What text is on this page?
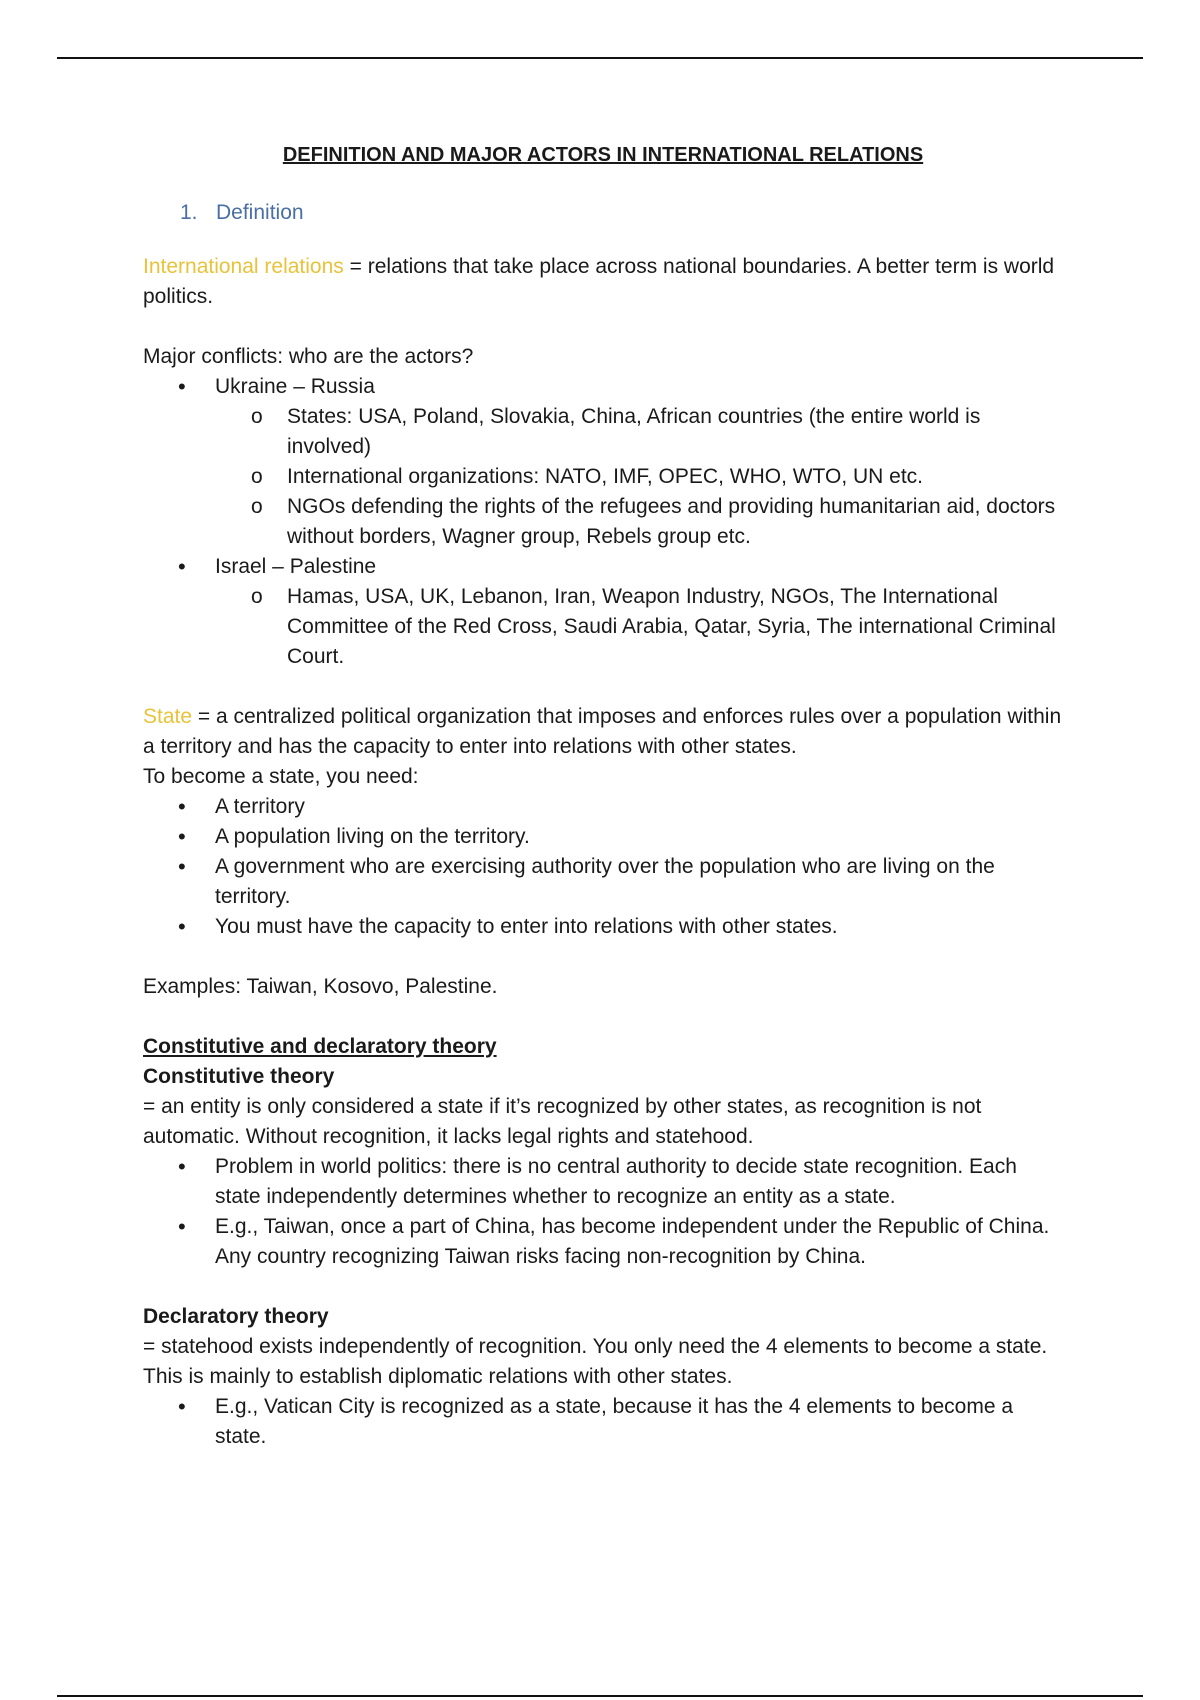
DEFINITION AND MAJOR ACTORS IN INTERNATIONAL RELATIONS

1. Definition

International relations = relations that take place across national boundaries. A better term is world politics.

Major conflicts: who are the actors?

• Ukraine – Russia
o States: USA, Poland, Slovakia, China, African countries (the entire world is involved)
o International organizations: NATO, IMF, OPEC, WHO, WTO, UN etc.
o NGOs defending the rights of the refugees and providing humanitarian aid, doctors without borders, Wagner group, Rebels group etc.
• Israel – Palestine
o Hamas, USA, UK, Lebanon, Iran, Weapon Industry, NGOs, The International Committee of the Red Cross, Saudi Arabia, Qatar, Syria, The international Criminal Court.

State = a centralized political organization that imposes and enforces rules over a population within a territory and has the capacity to enter into relations with other states.

To become a state, you need:

• A territory
• A population living on the territory.
• A government who are exercising authority over the population who are living on the territory.
• You must have the capacity to enter into relations with other states.

Examples: Taiwan, Kosovo, Palestine.

Constitutive and declaratory theory

Constitutive theory

= an entity is only considered a state if it’s recognized by other states, as recognition is not automatic. Without recognition, it lacks legal rights and statehood.

• Problem in world politics: there is no central authority to decide state recognition. Each state independently determines whether to recognize an entity as a state.
• E.g., Taiwan, once a part of China, has become independent under the Republic of China. Any country recognizing Taiwan risks facing non-recognition by China.

Declaratory theory

= statehood exists independently of recognition. You only need the 4 elements to become a state. This is mainly to establish diplomatic relations with other states.

• E.g., Vatican City is recognized as a state, because it has the 4 elements to become a state.
